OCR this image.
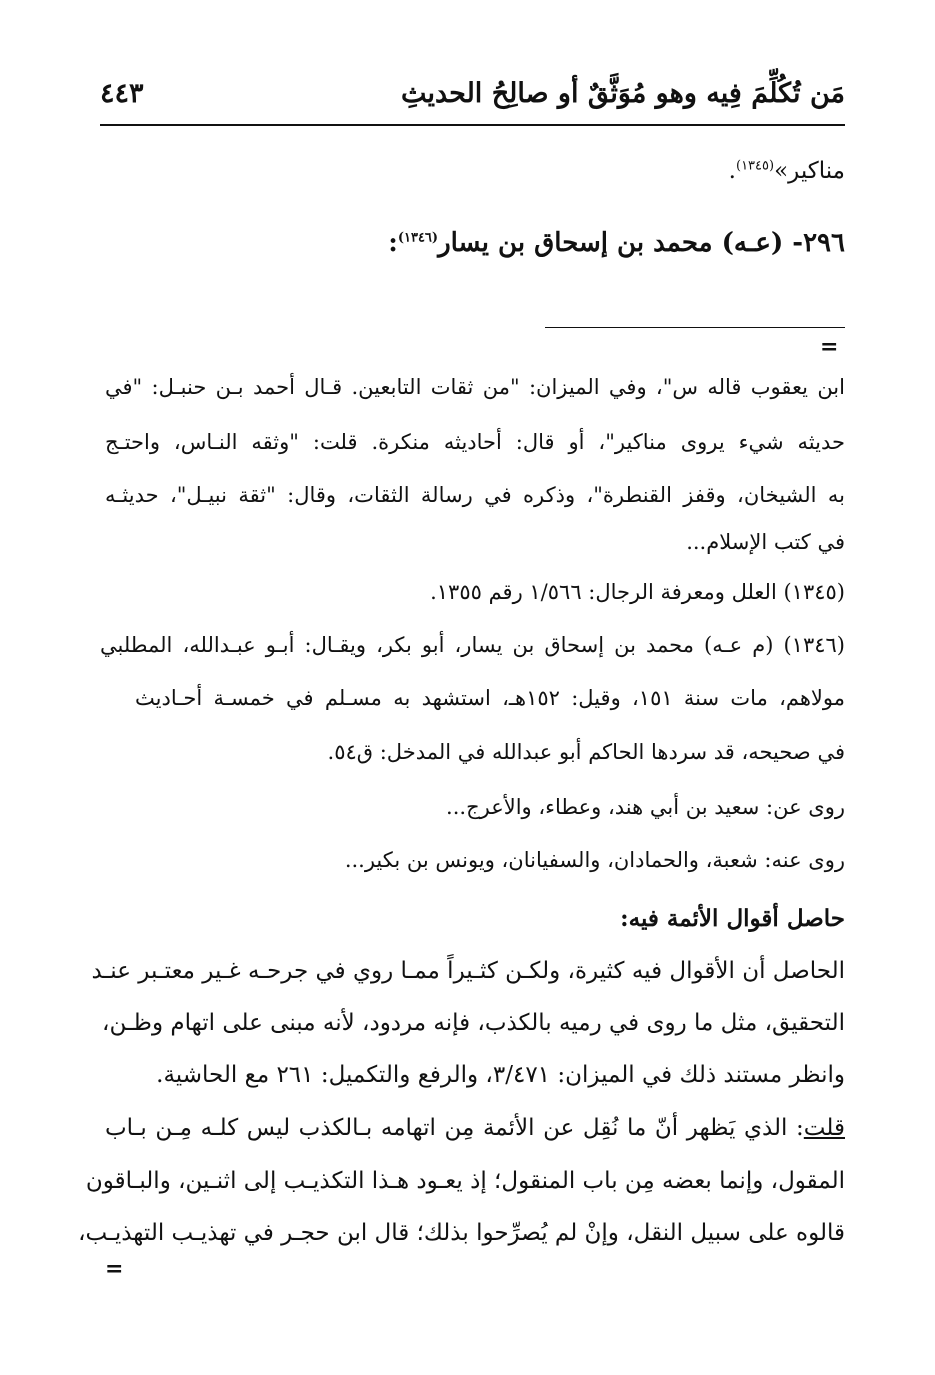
مَن تُكُلِّمَ فِيه وهو مُوَثَّقٌ أو صالِحُ الحديثِ
٤٤٣
مناكير»$^{(١٣٤٥)}$.
٢٩٦- (عـه) محمد بن إسحاق بن يسار$^{(١٣٤٦)}$:
=
ابن يعقوب قاله س"، وفي الميزان: "من ثقات التابعين. قـال أحمد بـن حنبـل: "في
حديثه شيء يروى مناكير"، أو قال: أحاديثه منكرة. قلت: "وثقه النـاس، واحتـج
به الشيخان، وقفز القنطرة"، وذكره في رسالة الثقات، وقال: "ثقة نبيـل"، حديثـه
في كتب الإسلام...
(١٣٤٥) العلل ومعرفة الرجال: ١/٥٦٦ رقم ١٣٥٥.
(١٣٤٦) (م عـه) محمد بن إسحاق بن يسار، أبو بكر، ويقـال: أبـو عبـدالله، المطلبي
مولاهم، مات سنة ١٥١، وقيل: ١٥٢هـ، استشهد به مسـلم في خمسـة أحـاديث
في صحيحه، قد سردها الحاكم أبو عبدالله في المدخل: ق٥٤.
روى عن: سعيد بن أبي هند، وعطاء، والأعرج...
روى عنه: شعبة، والحمادان، والسفيانان، ويونس بن بكير...
حاصل أقوال الأئمة فيه:
الحاصل أن الأقوال فيه كثيرة، ولكـن كثـيراً ممـا روي في جرحـه غـير معتـبر عنـد
التحقيق، مثل ما روى في رميه بالكذب، فإنه مردود، لأنه مبنى على اتهام وظـن،
وانظر مستند ذلك في الميزان: ٣/٤٧١، والرفع والتكميل: ٢٦١ مع الحاشية.
قلت: الذي يَظهر أنّ ما نُقِل عن الأئمة مِن اتهامه بـالكذب ليس كلـه مِـن بـاب
المقول، وإنما بعضه مِن باب المنقول؛ إذ يعـود هـذا التكذيـب إلى اثنـين، والبـاقون
قالوه على سبيل النقل، وإنْ لم يُصرِّحوا بذلك؛ قال ابن حجـر في تهذيـب التهذيـب،
=
